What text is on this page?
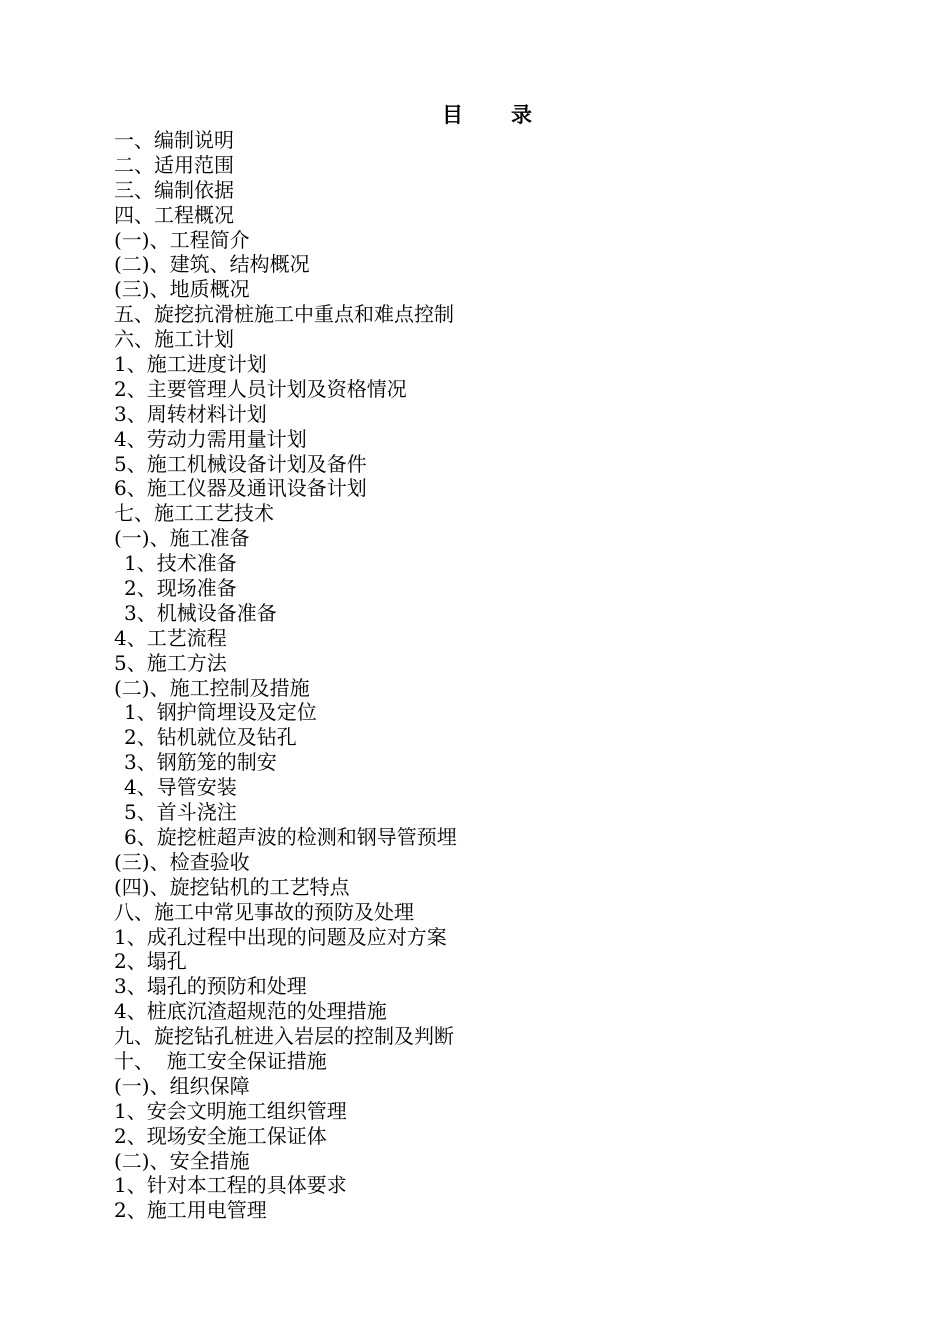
目 录
一、编制说明
二、适用范围
三、编制依据
四、工程概况
(一)、工程简介
(二)、建筑、结构概况
(三)、地质概况
五、旋挖抗滑桩施工中重点和难点控制
六、施工计划
1、施工进度计划
2、主要管理人员计划及资格情况
3、周转材料计划
4、劳动力需用量计划
5、施工机械设备计划及备件
6、施工仪器及通讯设备计划
七、施工工艺技术
(一)、施工准备
1、技术准备
2、现场准备
3、机械设备准备
4、工艺流程
5、施工方法
(二)、施工控制及措施
1、钢护筒埋设及定位
2、钻机就位及钻孔
3、钢筋笼的制安
4、导管安装
5、首斗浇注
6、旋挖桩超声波的检测和钢导管预埋
(三)、检查验收
(四)、旋挖钻机的工艺特点
八、施工中常见事故的预防及处理
1、成孔过程中出现的问题及应对方案
2、塌孔
3、塌孔的预防和处理
4、桩底沉渣超规范的处理措施
九、旋挖钻孔桩进入岩层的控制及判断
十、  施工安全保证措施
(一)、组织保障
1、安会文明施工组织管理
2、现场安全施工保证体
(二)、安全措施
1、针对本工程的具体要求
2、施工用电管理
